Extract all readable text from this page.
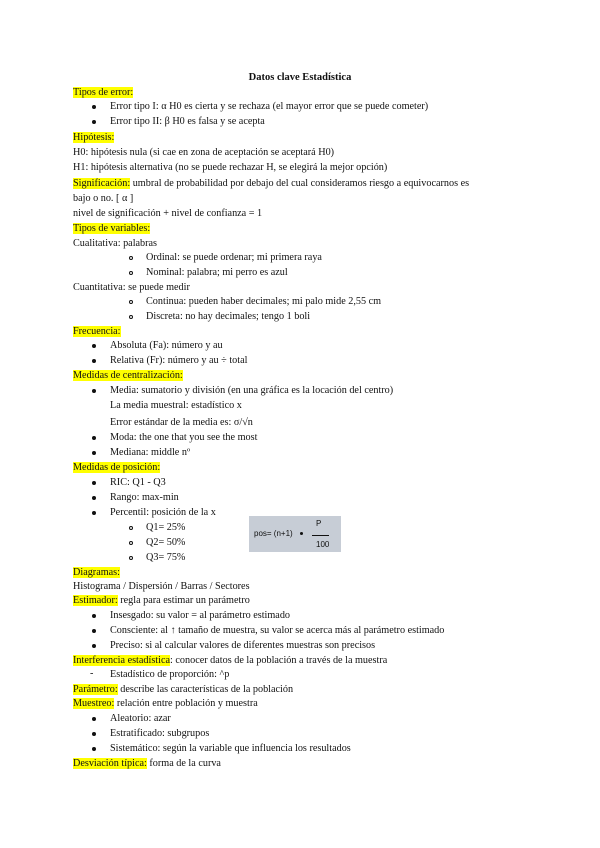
Datos clave Estadística
Tipos de error:
Error tipo I: α H0 es cierta y se rechaza (el mayor error que se puede cometer)
Error tipo II: β H0 es falsa y se acepta
Hipótesis:
H0: hipótesis nula (si cae en zona de aceptación se aceptará H0)
H1: hipótesis alternativa (no se puede rechazar H, se elegirá la mejor opción)
Significación: umbral de probabilidad por debajo del cual consideramos riesgo a equivocarnos es
bajo o no. [ α ]
nivel de significación + nivel de confianza = 1
Tipos de variables:
Cualitativa: palabras
Ordinal: se puede ordenar; mi primera raya
Nominal: palabra; mi perro es azul
Cuantitativa: se puede medir
Continua: pueden haber decimales; mi palo mide 2,55 cm
Discreta: no hay decimales; tengo 1 boli
Frecuencia:
Absoluta (Fa): número y au
Relativa (Fr): número y au ÷ total
Medidas de centralización:
Media: sumatorio y división (en una gráfica es la locación del centro)
La media muestral: estadístico x
Error estándar de la media es: σ/√n
Moda: the one that you see the most
Mediana: middle nº
Medidas de posición:
RIC: Q1 - Q3
Rango: max-min
Percentil: posición de la x
Q1= 25%
Q2= 50%
Q3= 75%
pos= (n+1)
P
100
Diagramas:
Histograma / Dispersión / Barras / Sectores
Estimador: regla para estimar un parámetro
Insesgado: su valor = al parámetro estimado
Consciente: al ↑ tamaño de muestra, su valor se acerca más al parámetro estimado
Preciso: si al calcular valores de diferentes muestras son precisos
Interferencia estadística: conocer datos de la población a través de la muestra
- Estadístico de proporción: ^p
Parámetro: describe las características de la población
Muestreo: relación entre población y muestra
Aleatorio: azar
Estratificado: subgrupos
Sistemático: según la variable que influencia los resultados
Desviación típica: forma de la curva
